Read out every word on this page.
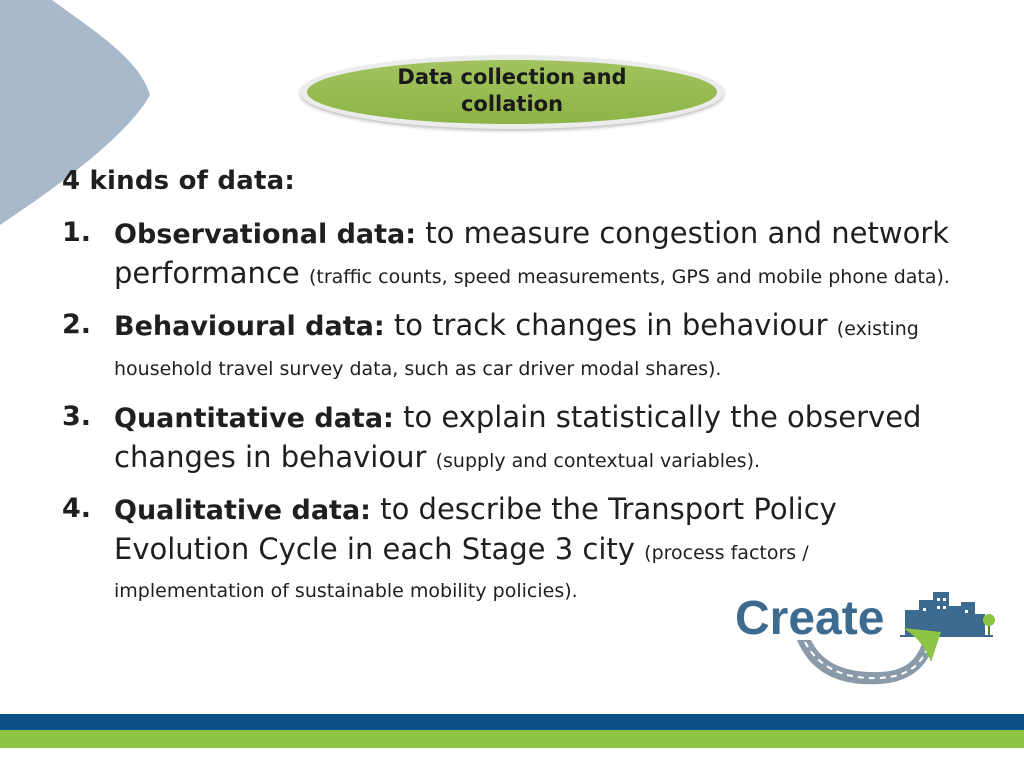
Data collection and collation
4 kinds of data:
1. Observational data: to measure congestion and network performance (traffic counts, speed measurements, GPS and mobile phone data).
2. Behavioural data: to track changes in behaviour (existing household travel survey data, such as car driver modal shares).
3. Quantitative data: to explain statistically the observed changes in behaviour (supply and contextual variables).
4. Qualitative data: to describe the Transport Policy Evolution Cycle in each Stage 3 city (process factors / implementation of sustainable mobility policies).
Create
